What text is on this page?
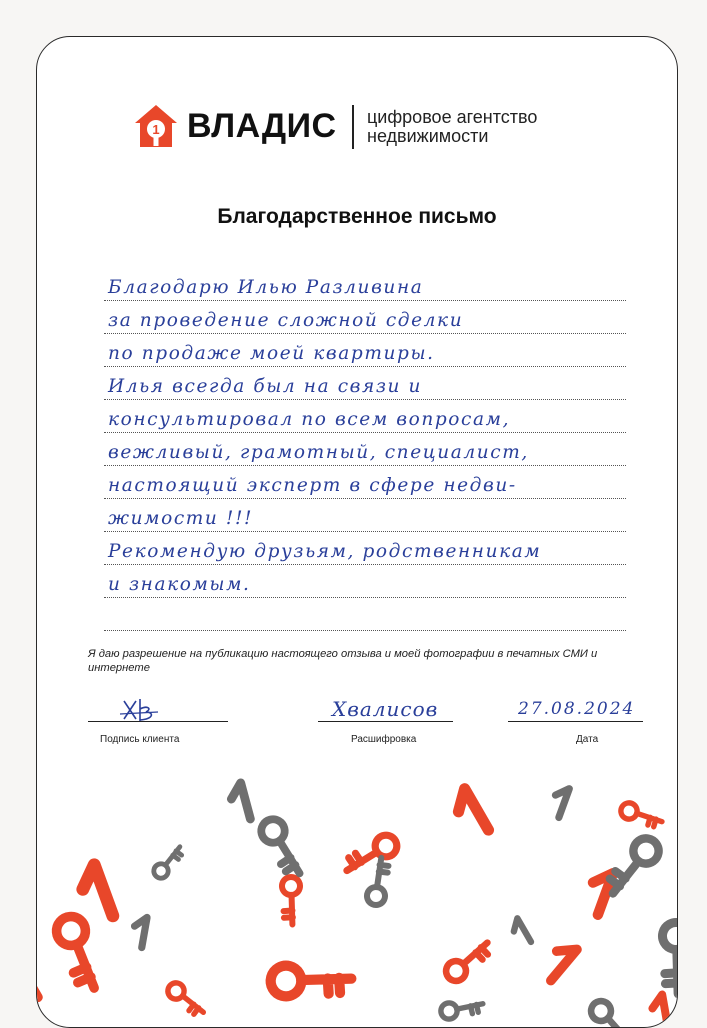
1 ВЛАДИС цифровое агентство
недвижимости
Благодарственное письмо
Благодарю Илью Разливина
за проведение сложной сделки
по продаже моей квартиры.
Илья всегда был на связи и
консультировал по всем вопросам,
вежливый, грамотный, специалист,
настоящий эксперт в сфере недви-
жимости !!!
Рекомендую друзьям, родственникам
и знакомым.
Я даю разрешение на публикацию настоящего отзыва и моей фотографии в печатных СМИ и интернете
Подпись клиента
Хвалисов
Расшифровка
27.08.2024
Дата
